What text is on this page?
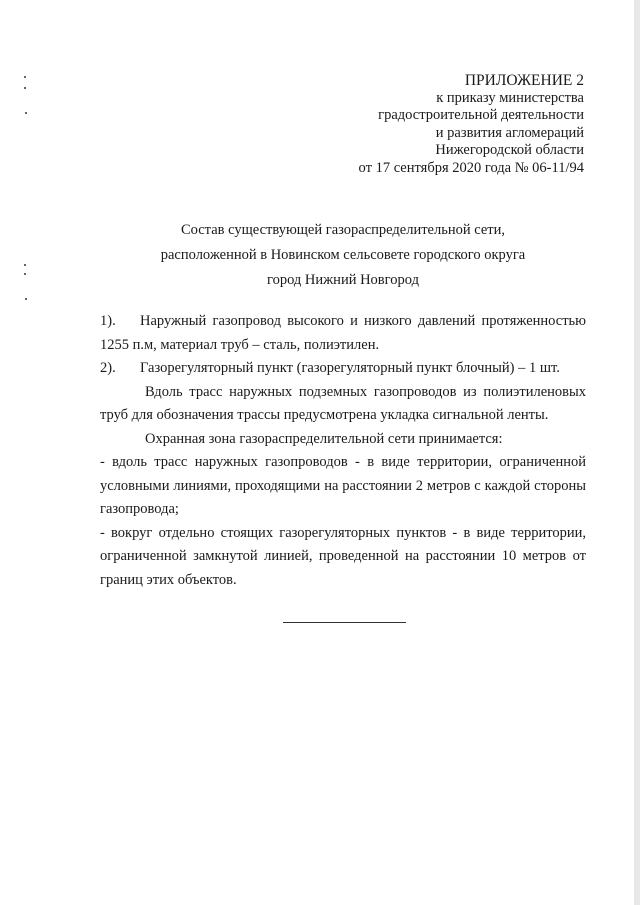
ПРИЛОЖЕНИЕ 2
к приказу министерства
градостроительной деятельности
и развития агломераций
Нижегородской области
от 17 сентября 2020 года № 06-11/94
Состав существующей газораспределительной сети,
расположенной в Новинском сельсовете городского округа
город Нижний Новгород

1). Наружный газопровод высокого и низкого давлений протяженностью 1255 п.м, материал труб – сталь, полиэтилен.

2).	Газорегуляторный пункт (газорегуляторный пункт блочный) – 1 шт.

Вдоль трасс наружных подземных газопроводов из полиэтиленовых труб для обозначения трассы предусмотрена укладка сигнальной ленты.

Охранная зона газораспределительной сети принимается:

- вдоль трасс наружных газопроводов - в виде территории, ограниченной условными линиями, проходящими на расстоянии 2 метров с каждой стороны газопровода;

- вокруг отдельно стоящих газорегуляторных пунктов - в виде территории, ограниченной замкнутой линией, проведенной на расстоянии 10 метров от границ этих объектов.
